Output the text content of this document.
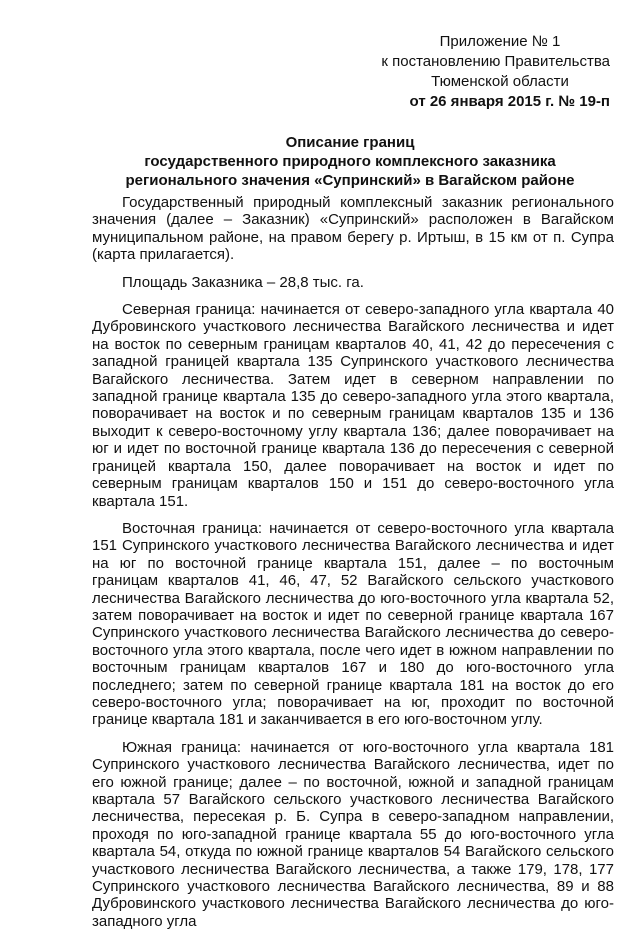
Приложение № 1
к постановлению Правительства
Тюменской области
от 26 января 2015 г. № 19-п
Описание границ
государственного природного комплексного заказника
регионального значения «Супринский» в Вагайском районе

Государственный природный комплексный заказник регионального значения (далее – Заказник) «Супринский» расположен в Вагайском муниципальном районе, на правом берегу р. Иртыш, в 15 км от п. Супра (карта прилагается).

Площадь Заказника – 28,8 тыс. га.

Северная граница: начинается от северо-западного угла квартала 40 Дубровинского участкового лесничества Вагайского лесничества и идет на восток по северным границам кварталов 40, 41, 42 до пересечения с западной границей квартала 135 Супринского участкового лесничества Вагайского лесничества. Затем идет в северном направлении по западной границе квартала 135 до северо-западного угла этого квартала, поворачивает на восток и по северным границам кварталов 135 и 136 выходит к северо-восточному углу квартала 136; далее поворачивает на юг и идет по восточной границе квартала 136 до пересечения с северной границей квартала 150, далее поворачивает на восток и идет по северным границам кварталов 150 и 151 до северо-восточного угла квартала 151.

Восточная граница: начинается от северо-восточного угла квартала 151 Супринского участкового лесничества Вагайского лесничества и идет на юг по восточной границе квартала 151, далее – по восточным границам кварталов 41, 46, 47, 52 Вагайского сельского участкового лесничества Вагайского лесничества до юго-восточного угла квартала 52, затем поворачивает на восток и идет по северной границе квартала 167 Супринского участкового лесничества Вагайского лесничества до северо-восточного угла этого квартала, после чего идет в южном направлении по восточным границам кварталов 167 и 180 до юго-восточного угла последнего; затем по северной границе квартала 181 на восток до его северо-восточного угла; поворачивает на юг, проходит по восточной границе квартала 181 и заканчивается в его юго-восточном углу.

Южная граница: начинается от юго-восточного угла квартала 181 Супринского участкового лесничества Вагайского лесничества, идет по его южной границе; далее – по восточной, южной и западной границам квартала 57 Вагайского сельского участкового лесничества Вагайского лесничества, пересекая р. Б. Супра в северо-западном направлении, проходя по юго-западной границе квартала 55 до юго-восточного угла квартала 54, откуда по южной границе кварталов 54 Вагайского сельского участкового лесничества Вагайского лесничества, а также 179, 178, 177 Супринского участкового лесничества Вагайского лесничества, 89 и 88 Дубровинского участкового лесничества Вагайского лесничества до юго-западного угла
